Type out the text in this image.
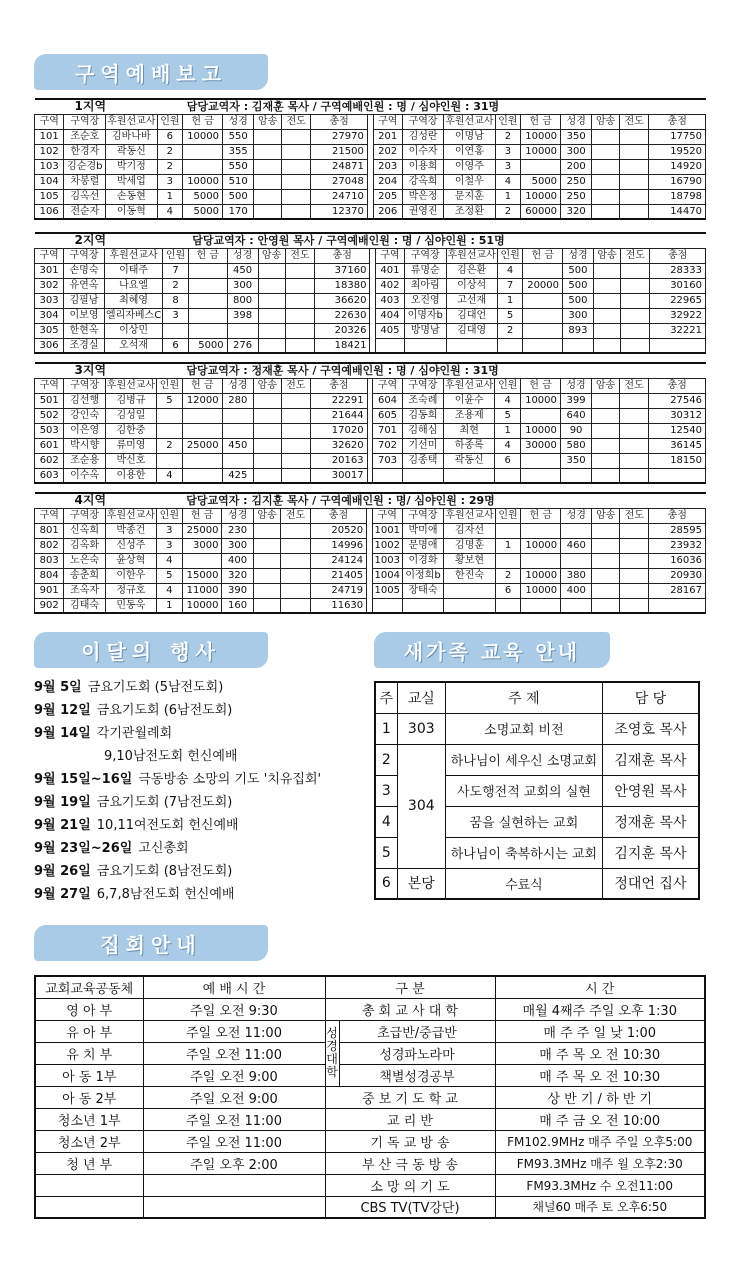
구역예배보고
1지역				담당교역자 : 김재훈 목사 / 구역예배인원 : 명 / 심야인원 : 31명														
구역	구역장	후원선교사	인원	헌 금	성경	암송	전도	총점		구역	구역장	후원선교사	인원	헌 금	성경	암송	전도	총점
101	조순호	김바나바	6	10000	550			27970		201	김성란	이명남	2	10000	350			17750
102	한경자	곽동신	2		355			21500		202	이수자	이연홍	3	10000	300			19520
103	김순경b	박기정	2		550			24871		203	이용희	이영주	3		200			14920
104	차봉렬	박세업	3	10000	510			27048		204	강옥희	이철우	4	5000	250			16790
105	김옥선	손동현	1	5000	500			24710		205	박은정	문지훈	1	10000	250			18798
106	전순자	이동혁	4	5000	170			12370		206	권영진	조정환	2	60000	320			14470
2지역				담당교역자 : 안영원 목사 / 구역예배인원 : 명 / 심야인원 : 51명														
구역	구역장	후원선교사	인원	헌 금	성경	암송	전도	총점		구역	구역장	후원선교사	인원	헌 금	성경	암송	전도	총점
301	손명숙	이태주	7		450			37160		401	류명순	김은환	4		500			28333
302	유연옥	나요엘	2		300			18380		402	최아림	이상석	7	20000	500			30160
303	김필남	최혜영	8		800			36620		403	오진영	고선재	1		500			22965
304	이보영	엘리자베스C	3		398			22630		404	이명자b	김대언	5		300			32922
305	한현옥	이상민						20326		405	방명남	김대영	2		893			32221
306	조경실	오석재	6	5000	276			18421										
3지역				담당교역자 : 정재훈 목사 / 구역예배인원 : 명 / 심야인원 : 31명														
구역	구역장	후원선교사	인원	헌 금	성경	암송	전도	총점		구역	구역장	후원선교사	인원	헌 금	성경	암송	전도	총점
501	김선행	김병규	5	12000	280			22291		604	조숙례	이윤수	4	10000	399			27546
502	강인숙	김성일						21644		605	김동희	조용제	5		640			30312
503	이은영	김한중						17020		701	김해심	최현	1	10000	90			12540
601	박시향	류미영	2	25000	450			32620		702	기선미	하종록	4	30000	580			36145
602	조순용	박신호						20163		703	김종택	곽동신	6		350			18150
603	이수옥	이용한	4		425			30017										
4지역				담당교역자 : 김지훈 목사 / 구역예배인원 : 명/ 심야인원 : 29명														
구역	구역장	후원선교사	인원	헌 금	성경	암송	전도	총점		구역	구역장	후원선교사	인원	헌 금	성경	암송	전도	총점
801	신옥희	박종건	3	25000	230			20520		1001	박미애	김자선						28595
802	김옥화	신성주	3	3000	300			14996		1002	문명애	김명훈	1	10000	460			23932
803	노은숙	윤상혁	4		400			24124		1003	이경화	황보현						16036
804	송춘희	이한우	5	15000	320			21405		1004	이정희b	한진숙	2	10000	380			20930
901	조옥자	정규호	4	11000	390			24719		1005	장태숙		6	10000	400			28167
902	김태숙	민동욱	1	10000	160			11630										
이달의 행사	새가족 교육 안내
9월 5일 금요기도회 (5남전도회)
9월 12일 금요기도회 (6남전도회)
9월 14일 각기관월례회
9,10남전도회 헌신예배
9월 15일~16일 극동방송 소망의 기도 '치유집회'
9월 19일 금요기도회 (7남전도회)
9월 21일 10,11여전도회 헌신예배
9월 23일~26일 고신총회
9월 26일 금요기도회 (8남전도회)
9월 27일 6,7,8남전도회 헌신예배
주	교실	주 제	담 당
1	303	소명교회 비전	조영호 목사
2	304	하나님이 세우신 소명교회	김재훈 목사
3		사도행전적 교회의 실현	안영원 목사
4		꿈을 실현하는 교회	정재훈 목사
5		하나님이 축복하시는 교회	김지훈 목사
6	본당	수료식	정대언 집사
집회안내
교회교육공동체	예 배 시 간	구 분		시 간
영 아 부	주일 오전 9:30	총 회 교 사 대 학		매월 4째주 주일 오후 1:30
유 아 부	주일 오전 11:00	성경대학	초급반/중급반	매 주 주 일 낮 1:00
유 치 부	주일 오전 11:00		성경파노라마	매 주 목 오 전 10:30
아 동 1부	주일 오전 9:00		책별성경공부	매 주 목 오 전 10:30
아 동 2부	주일 오전 9:00	중 보 기 도 학 교		상 반 기 / 하 반 기
청소년 1부	주일 오전 11:00	교 리 반		매 주 금 오 전 10:00
청소년 2부	주일 오전 11:00	기 독 교 방 송		FM102.9MHz 매주 주일 오후5:00
청 년 부	주일 오후 2:00	부 산 극 동 방 송		FM93.3MHz 매주 월 오후2:30
		소 망 의 기 도		FM93.3MHz 수 오전11:00
		CBS TV(TV강단)		채널60 매주 토 오후6:50
